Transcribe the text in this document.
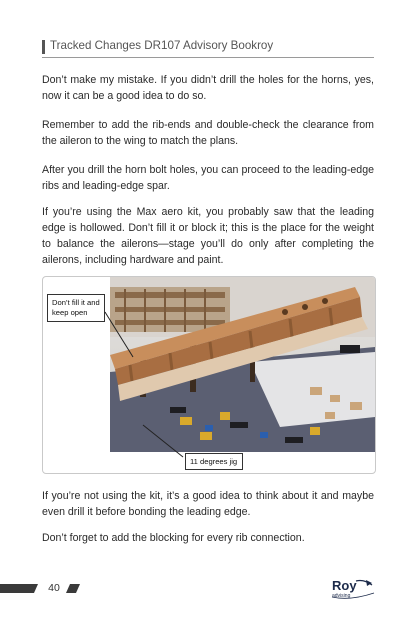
Tracked Changes DR107 Advisory Bookroy

Don’t make my mistake. If you didn’t drill the holes for the horns, yes, now it can be a good idea to do so.

Remember to add the rib-ends and double-check the clearance from the aileron to the wing to match the plans.

After you drill the horn bolt holes, you can proceed to the leading-edge ribs and leading-edge spar.

If you’re using the Max aero kit, you probably saw that the leading edge is hollowed. Don’t fill it or block it; this is the place for the weight to balance the ailerons—stage you’ll do only after completing the ailerons, including hardware and paint.

Don’t fill it and keep open
11 degrees jig

If you’re not using the kit, it’s a good idea to think about it and maybe even drill it before bonding the leading edge.

Don’t forget to add the blocking for every rib connection.

40	Roy
advising
